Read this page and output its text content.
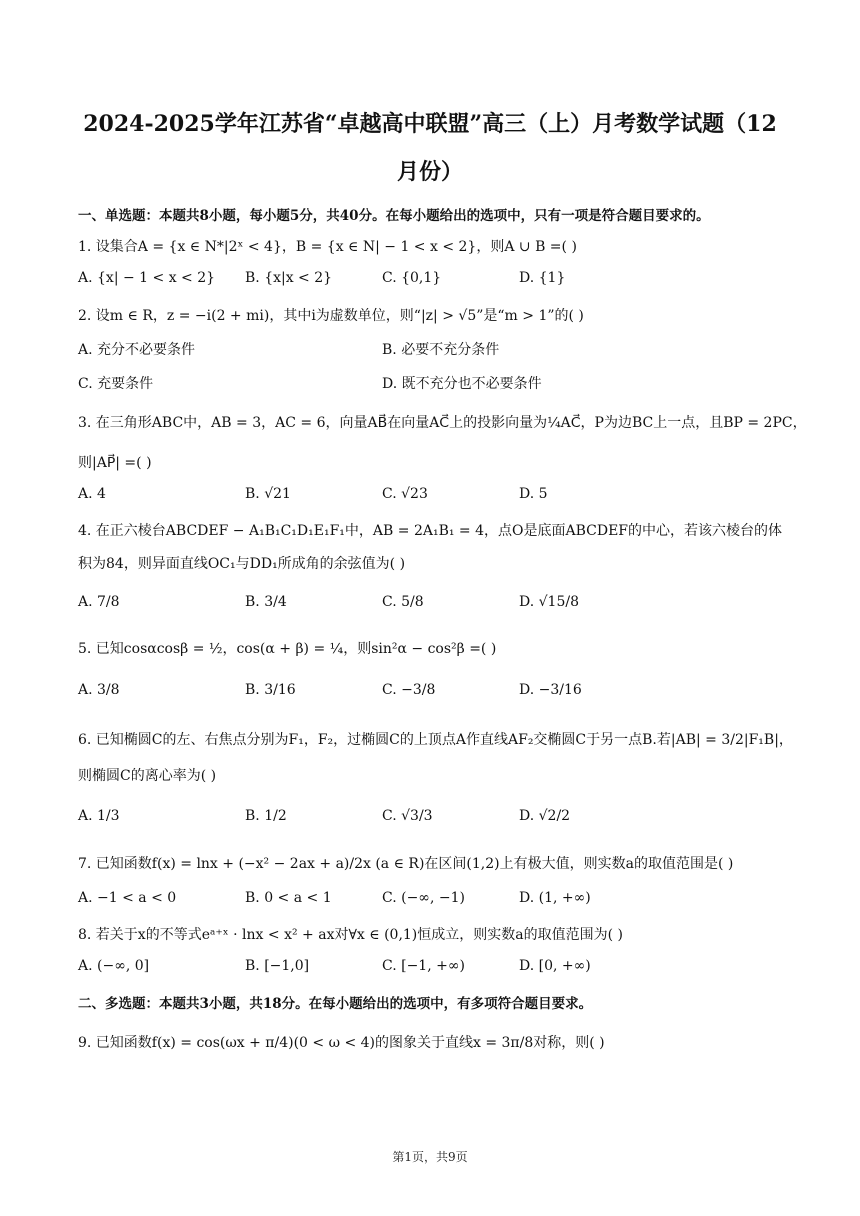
2024-2025学年江苏省“卓越高中联盟”高三（上）月考数学试题（12
月份）
一、单选题：本题共8小题，每小题5分，共40分。在每小题给出的选项中，只有一项是符合题目要求的。
1. 设集合A = {x ∈ N*|2ˣ < 4}，B = {x ∈ N| − 1 < x < 2}，则A ∪ B =( )
A. {x| − 1 < x < 2} B. {x|x < 2}	C. {0,1}	D. {1}
2. 设m ∈ R，z = −i(2 + mi)，其中i为虚数单位，则“|z| > √5”是“m > 1”的( )
A. 充分不必要条件	B. 必要不充分条件
C. 充要条件	D. 既不充分也不必要条件
3. 在三角形ABC中，AB = 3，AC = 6，向量AB⃗在向量AC⃗上的投影向量为¼AC⃗，P为边BC上一点，且BP = 2PC，
则|AP⃗| =( )
A. 4	B. √21	C. √23	D. 5
4. 在正六棱台ABCDEF − A₁B₁C₁D₁E₁F₁中，AB = 2A₁B₁ = 4，点O是底面ABCDEF的中心，若该六棱台的体
积为84，则异面直线OC₁与DD₁所成角的余弦值为( )
A. 7/8	B. 3/4	C. 5/8	D. √15/8
5. 已知cosαcosβ = ½，cos(α + β) = ¼，则sin²α − cos²β =( )
A. 3/8	B. 3/16	C. −3/8	D. −3/16
6. 已知椭圆C的左、右焦点分别为F₁，F₂，过椭圆C的上顶点A作直线AF₂交椭圆C于另一点B.若|AB| = 3/2|F₁B|，
则椭圆C的离心率为( )
A. 1/3	B. 1/2	C. √3/3	D. √2/2
7. 已知函数f(x) = lnx + (−x² − 2ax + a)/2x (a ∈ R)在区间(1,2)上有极大值，则实数a的取值范围是( )
A. −1 < a < 0	B. 0 < a < 1	C. (−∞, −1)	D. (1, +∞)
8. 若关于x的不等式eᵃ⁺ˣ · lnx < x² + ax对∀x ∈ (0,1)恒成立，则实数a的取值范围为( )
A. (−∞, 0]	B. [−1,0]	C. [−1, +∞)	D. [0, +∞)
二、多选题：本题共3小题，共18分。在每小题给出的选项中，有多项符合题目要求。
9. 已知函数f(x) = cos(ωx + π/4)(0 < ω < 4)的图象关于直线x = 3π/8对称，则( )
第1页，共9页
